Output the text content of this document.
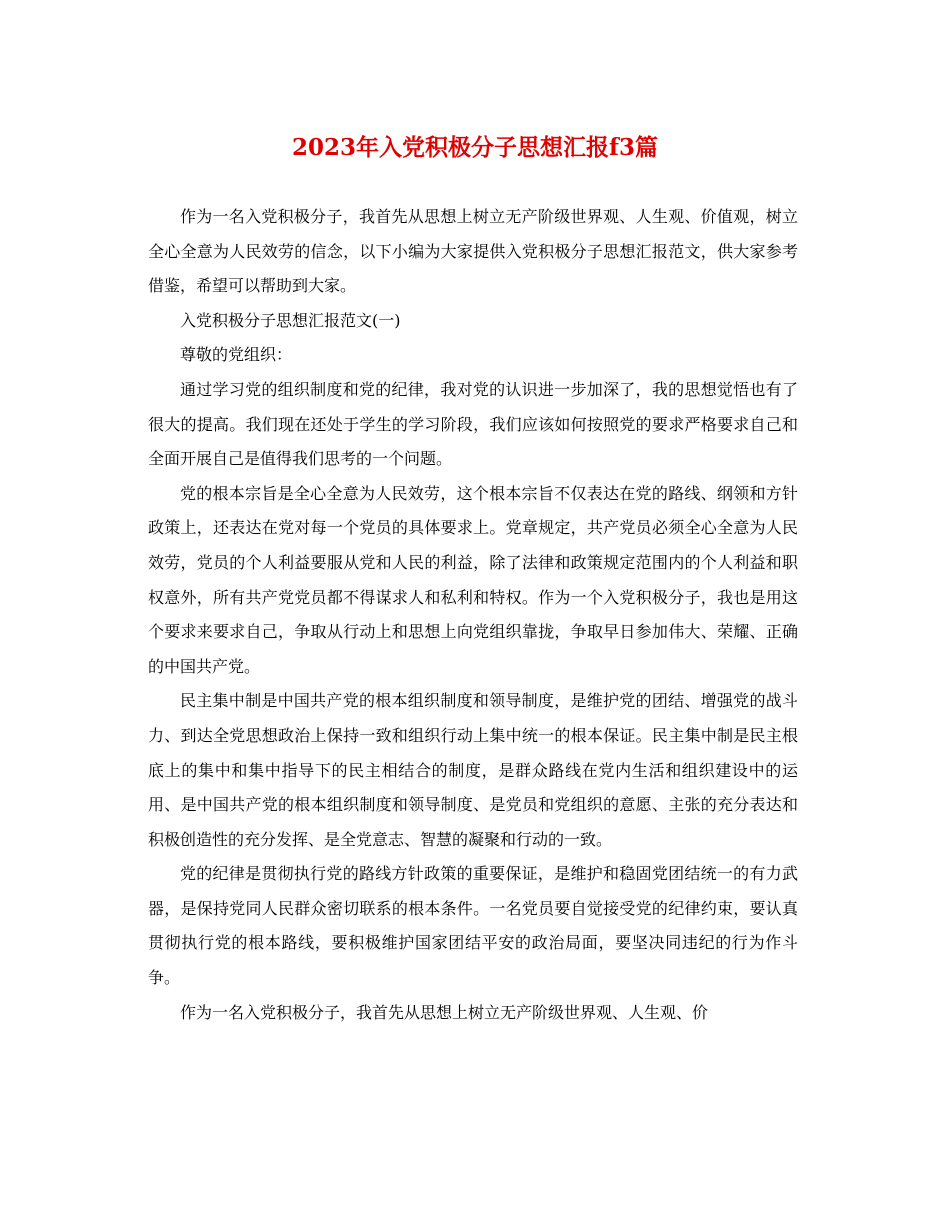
2023年入党积极分子思想汇报f3篇

作为一名入党积极分子，我首先从思想上树立无产阶级世界观、人生观、价值观，树立全心全意为人民效劳的信念，以下小编为大家提供入党积极分子思想汇报范文，供大家参考借鉴，希望可以帮助到大家。

入党积极分子思想汇报范文(一)

尊敬的党组织：

通过学习党的组织制度和党的纪律，我对党的认识进一步加深了，我的思想觉悟也有了很大的提高。我们现在还处于学生的学习阶段，我们应该如何按照党的要求严格要求自己和全面开展自己是值得我们思考的一个问题。

党的根本宗旨是全心全意为人民效劳，这个根本宗旨不仅表达在党的路线、纲领和方针政策上，还表达在党对每一个党员的具体要求上。党章规定，共产党员必须全心全意为人民效劳，党员的个人利益要服从党和人民的利益，除了法律和政策规定范围内的个人利益和职权意外，所有共产党党员都不得谋求人和私利和特权。作为一个入党积极分子，我也是用这个要求来要求自己，争取从行动上和思想上向党组织靠拢，争取早日参加伟大、荣耀、正确的中国共产党。

民主集中制是中国共产党的根本组织制度和领导制度，是维护党的团结、增强党的战斗力、到达全党思想政治上保持一致和组织行动上集中统一的根本保证。民主集中制是民主根底上的集中和集中指导下的民主相结合的制度，是群众路线在党内生活和组织建设中的运用、是中国共产党的根本组织制度和领导制度、是党员和党组织的意愿、主张的充分表达和积极创造性的充分发挥、是全党意志、智慧的凝聚和行动的一致。

党的纪律是贯彻执行党的路线方针政策的重要保证，是维护和稳固党团结统一的有力武器，是保持党同人民群众密切联系的根本条件。一名党员要自觉接受党的纪律约束，要认真贯彻执行党的根本路线，要积极维护国家团结平安的政治局面，要坚决同违纪的行为作斗争。

作为一名入党积极分子，我首先从思想上树立无产阶级世界观、人生观、价
